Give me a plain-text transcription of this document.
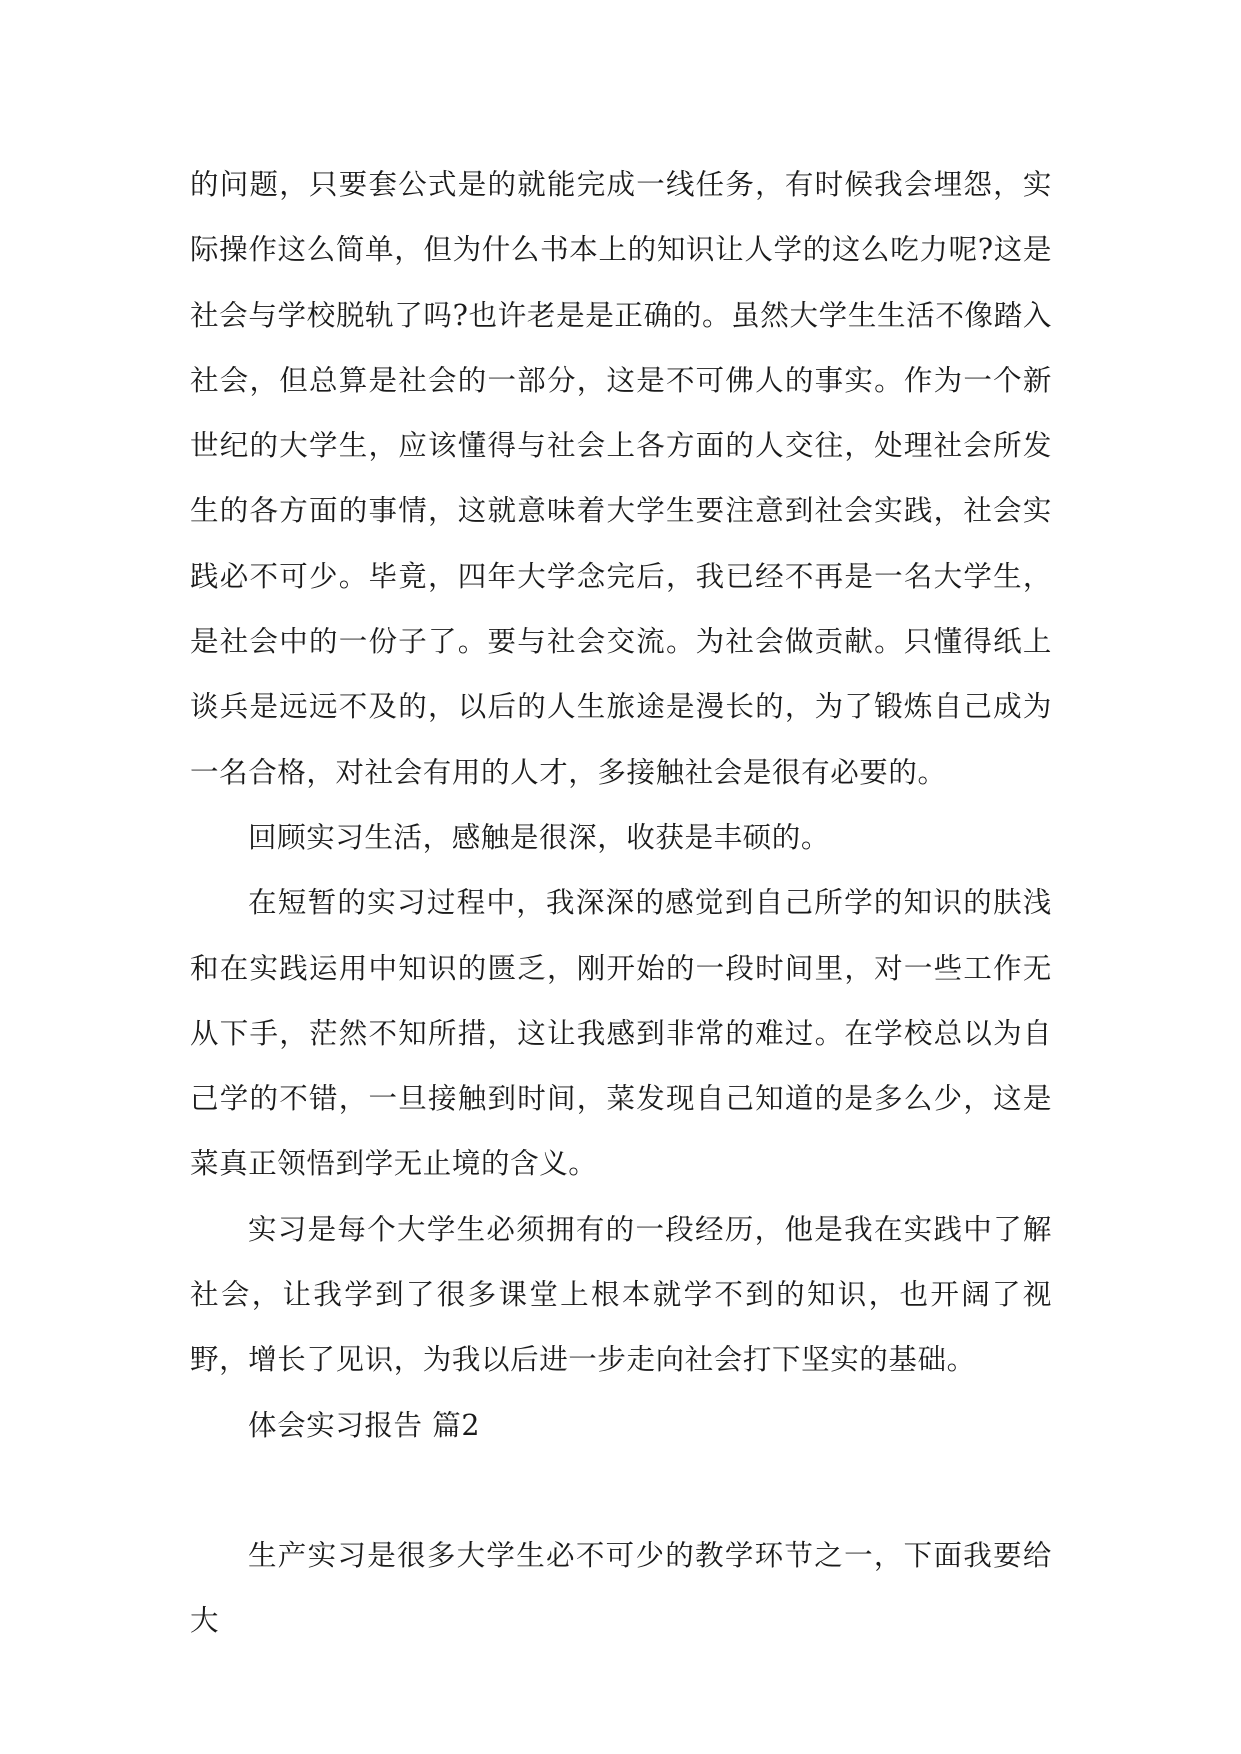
的问题，只要套公式是的就能完成一线任务，有时候我会埋怨，实际操作这么简单，但为什么书本上的知识让人学的这么吃力呢?这是社会与学校脱轨了吗?也许老是是正确的。虽然大学生生活不像踏入社会，但总算是社会的一部分，这是不可佛人的事实。作为一个新世纪的大学生，应该懂得与社会上各方面的人交往，处理社会所发生的各方面的事情，这就意味着大学生要注意到社会实践，社会实践必不可少。毕竟，四年大学念完后，我已经不再是一名大学生，是社会中的一份子了。要与社会交流。为社会做贡献。只懂得纸上谈兵是远远不及的，以后的人生旅途是漫长的，为了锻炼自己成为一名合格，对社会有用的人才，多接触社会是很有必要的。

回顾实习生活，感触是很深，收获是丰硕的。

在短暂的实习过程中，我深深的感觉到自己所学的知识的肤浅和在实践运用中知识的匮乏，刚开始的一段时间里，对一些工作无从下手，茫然不知所措，这让我感到非常的难过。在学校总以为自己学的不错，一旦接触到时间，菜发现自己知道的是多么少，这是菜真正领悟到学无止境的含义。

实习是每个大学生必须拥有的一段经历，他是我在实践中了解社会，让我学到了很多课堂上根本就学不到的知识，也开阔了视野，增长了见识，为我以后进一步走向社会打下坚实的基础。

体会实习报告 篇2

生产实习是很多大学生必不可少的教学环节之一，下面我要给大
